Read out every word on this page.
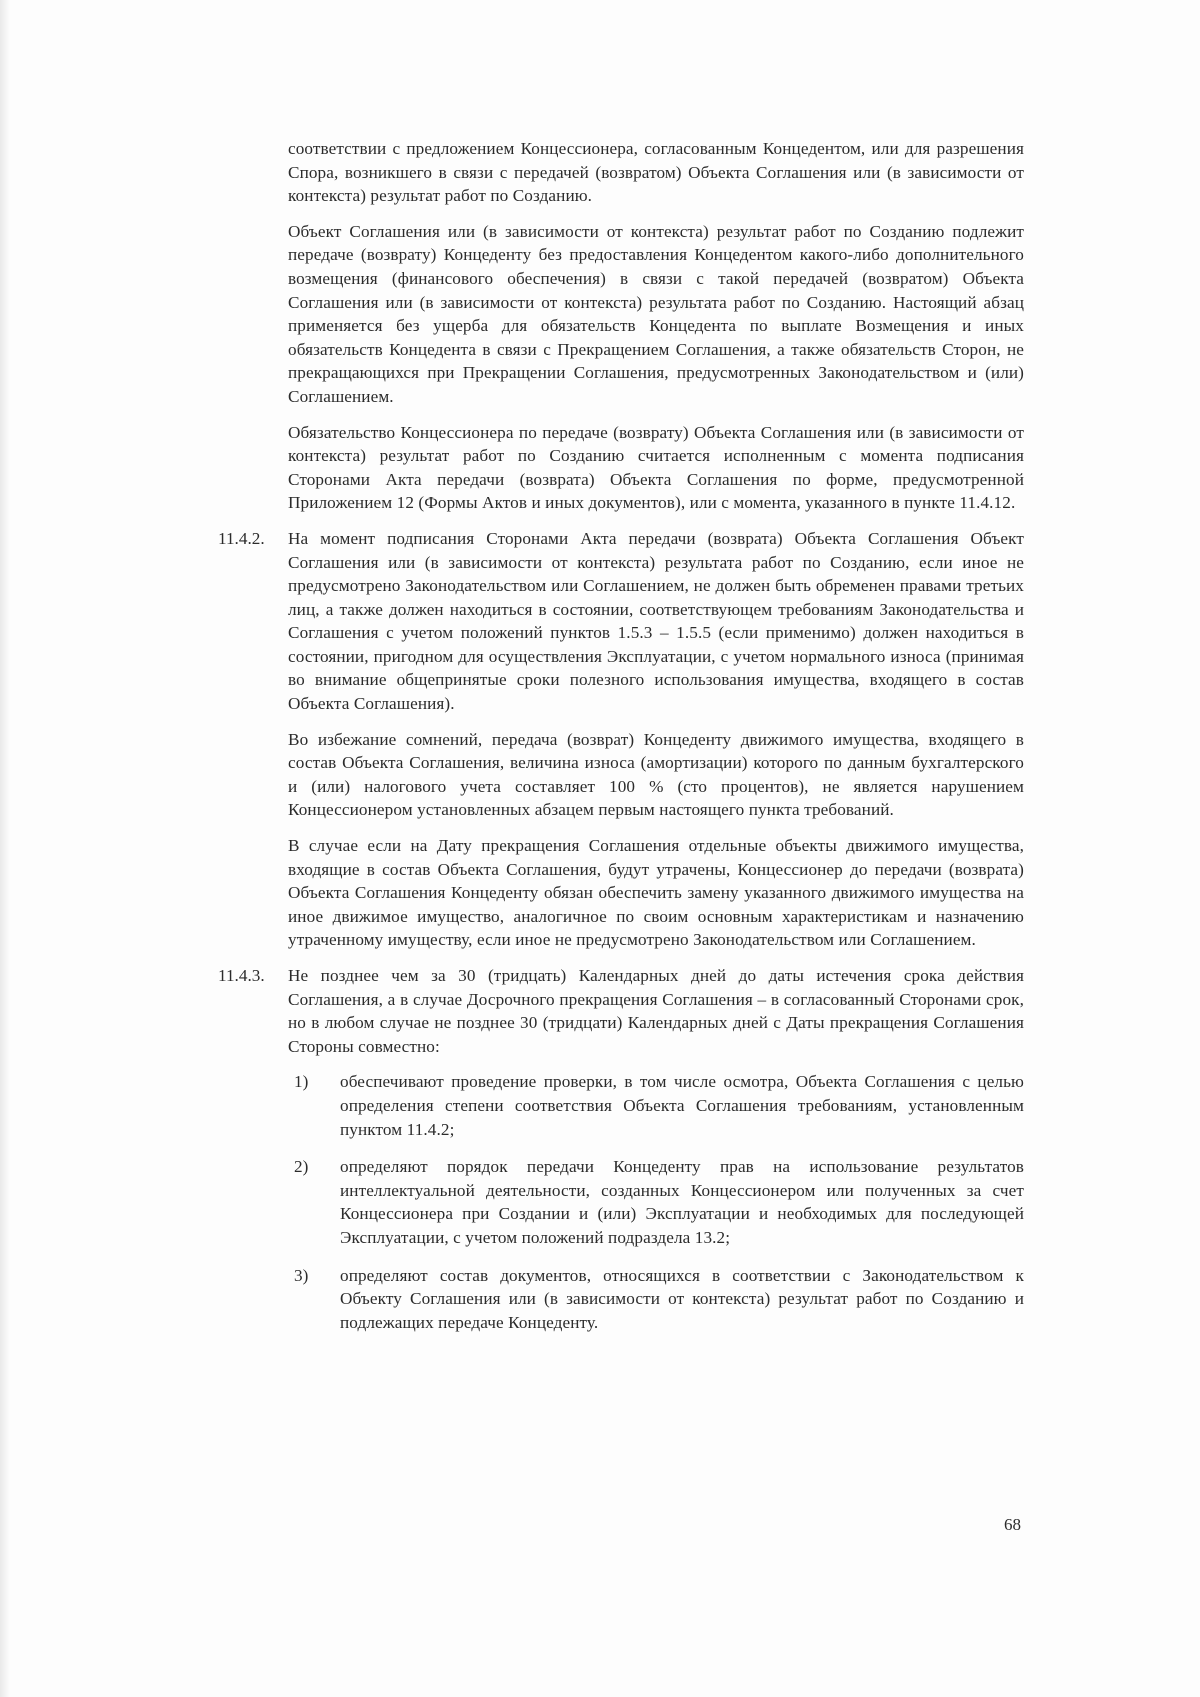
соответствии с предложением Концессионера, согласованным Концедентом, или для разрешения Спора, возникшего в связи с передачей (возвратом) Объекта Соглашения или (в зависимости от контекста) результат работ по Созданию.

Объект Соглашения или (в зависимости от контекста) результат работ по Созданию подлежит передаче (возврату) Концеденту без предоставления Концедентом какого-либо дополнительного возмещения (финансового обеспечения) в связи с такой передачей (возвратом) Объекта Соглашения или (в зависимости от контекста) результата работ по Созданию. Настоящий абзац применяется без ущерба для обязательств Концедента по выплате Возмещения и иных обязательств Концедента в связи с Прекращением Соглашения, а также обязательств Сторон, не прекращающихся при Прекращении Соглашения, предусмотренных Законодательством и (или) Соглашением.

Обязательство Концессионера по передаче (возврату) Объекта Соглашения или (в зависимости от контекста) результат работ по Созданию считается исполненным с момента подписания Сторонами Акта передачи (возврата) Объекта Соглашения по форме, предусмотренной Приложением 12 (Формы Актов и иных документов), или с момента, указанного в пункте 11.4.12.

11.4.2.	На момент подписания Сторонами Акта передачи (возврата) Объекта Соглашения Объект Соглашения или (в зависимости от контекста) результата работ по Созданию, если иное не предусмотрено Законодательством или Соглашением, не должен быть обременен правами третьих лиц, а также должен находиться в состоянии, соответствующем требованиям Законодательства и Соглашения с учетом положений пунктов 1.5.3 – 1.5.5 (если применимо) должен находиться в состоянии, пригодном для осуществления Эксплуатации, с учетом нормального износа (принимая во внимание общепринятые сроки полезного использования имущества, входящего в состав Объекта Соглашения).

Во избежание сомнений, передача (возврат) Концеденту движимого имущества, входящего в состав Объекта Соглашения, величина износа (амортизации) которого по данным бухгалтерского и (или) налогового учета составляет 100 % (сто процентов), не является нарушением Концессионером установленных абзацем первым настоящего пункта требований.

В случае если на Дату прекращения Соглашения отдельные объекты движимого имущества, входящие в состав Объекта Соглашения, будут утрачены, Концессионер до передачи (возврата) Объекта Соглашения Концеденту обязан обеспечить замену указанного движимого имущества на иное движимое имущество, аналогичное по своим основным характеристикам и назначению утраченному имуществу, если иное не предусмотрено Законодательством или Соглашением.

11.4.3.	Не позднее чем за 30 (тридцать) Календарных дней до даты истечения срока действия Соглашения, а в случае Досрочного прекращения Соглашения – в согласованный Сторонами срок, но в любом случае не позднее 30 (тридцати) Календарных дней с Даты прекращения Соглашения Стороны совместно:

1) обеспечивают проведение проверки, в том числе осмотра, Объекта Соглашения с целью определения степени соответствия Объекта Соглашения требованиям, установленным пунктом 11.4.2;

2) определяют порядок передачи Концеденту прав на использование результатов интеллектуальной деятельности, созданных Концессионером или полученных за счет Концессионера при Создании и (или) Эксплуатации и необходимых для последующей Эксплуатации, с учетом положений подраздела 13.2;

3) определяют состав документов, относящихся в соответствии с Законодательством к Объекту Соглашения или (в зависимости от контекста) результат работ по Созданию и подлежащих передаче Концеденту.

68
